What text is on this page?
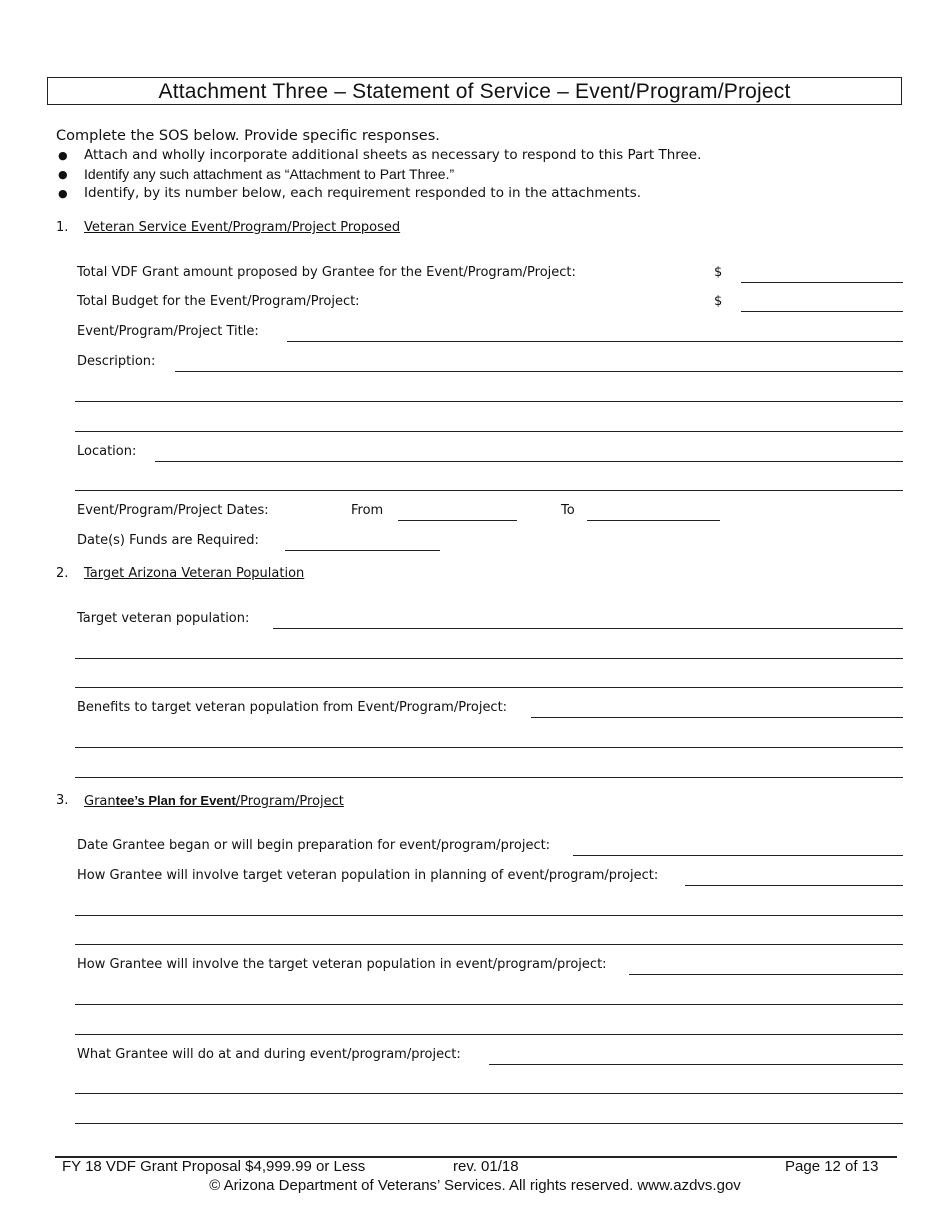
Attachment Three – Statement of Service – Event/Program/Project
Complete the SOS below. Provide specific responses.
● Attach and wholly incorporate additional sheets as necessary to respond to this Part Three.
● Identify any such attachment as “Attachment to Part Three.”
● Identify, by its number below, each requirement responded to in the attachments.
1. Veteran Service Event/Program/Project Proposed
Total VDF Grant amount proposed by Grantee for the Event/Program/Project:	$
Total Budget for the Event/Program/Project:	$
Event/Program/Project Title:
Description:
Location:
Event/Program/Project Dates:	From	To
Date(s) Funds are Required:
2. Target Arizona Veteran Population
Target veteran population:
Benefits to target veteran population from Event/Program/Project:
3. Grantee’s Plan for Event/Program/Project
Date Grantee began or will begin preparation for event/program/project:
How Grantee will involve target veteran population in planning of event/program/project:
How Grantee will involve the target veteran population in event/program/project:
What Grantee will do at and during event/program/project:
FY 18 VDF Grant Proposal $4,999.99 or Less	rev. 01/18	Page 12 of 13
© Arizona Department of Veterans’ Services. All rights reserved. www.azdvs.gov
